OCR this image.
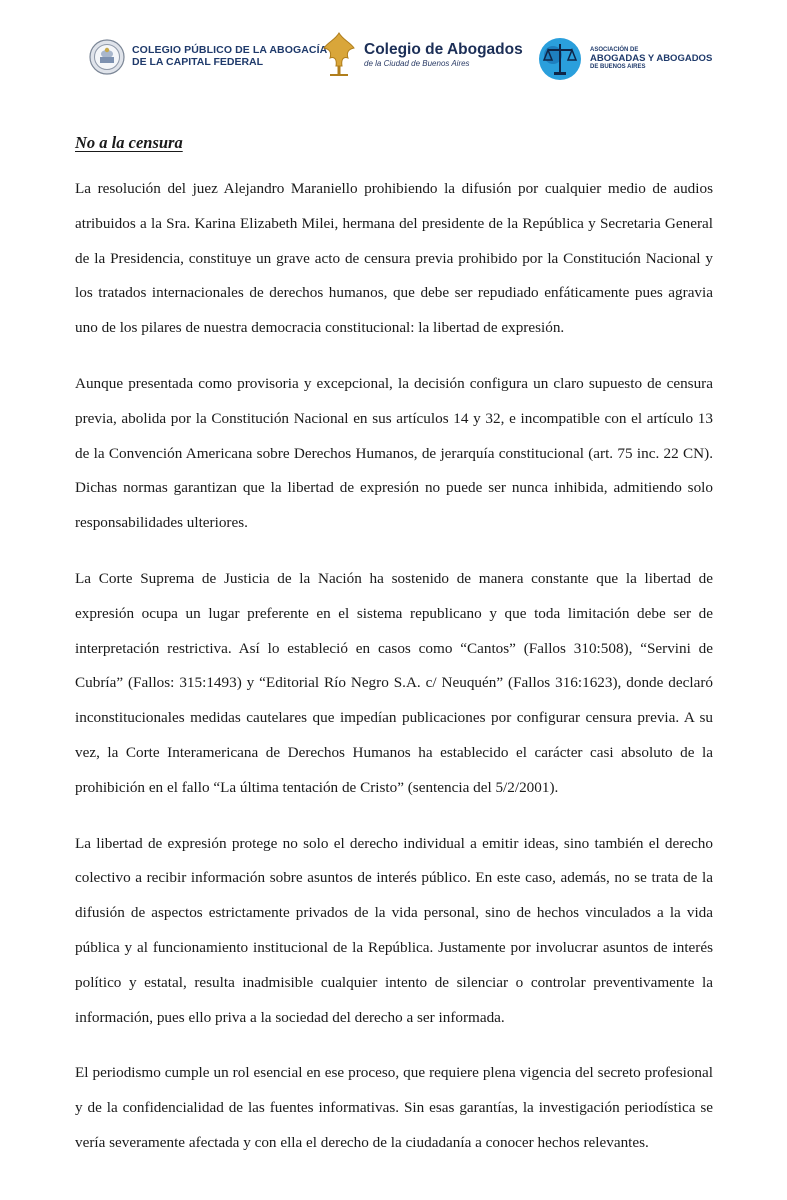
COLEGIO PÚBLICO DE LA ABOGACÍA
DE LA CAPITAL FEDERAL
Colegio de Abogados
de la Ciudad de Buenos Aires
ASOCIACIÓN DE
ABOGADAS Y ABOGADOS
DE BUENOS AIRES
No a la censura

La resolución del juez Alejandro Maraniello prohibiendo la difusión por cualquier medio de audios atribuidos a la Sra. Karina Elizabeth Milei, hermana del presidente de la República y Secretaria General de la Presidencia, constituye un grave acto de censura previa prohibido por la Constitución Nacional y los tratados internacionales de derechos humanos, que debe ser repudiado enfáticamente pues agravia uno de los pilares de nuestra democracia constitucional: la libertad de expresión.

Aunque presentada como provisoria y excepcional, la decisión configura un claro supuesto de censura previa, abolida por la Constitución Nacional en sus artículos 14 y 32, e incompatible con el artículo 13 de la Convención Americana sobre Derechos Humanos, de jerarquía constitucional (art. 75 inc. 22 CN). Dichas normas garantizan que la libertad de expresión no puede ser nunca inhibida, admitiendo solo responsabilidades ulteriores.

La Corte Suprema de Justicia de la Nación ha sostenido de manera constante que la libertad de expresión ocupa un lugar preferente en el sistema republicano y que toda limitación debe ser de interpretación restrictiva. Así lo estableció en casos como “Cantos” (Fallos 310:508), “Servini de Cubría” (Fallos: 315:1493) y “Editorial Río Negro S.A. c/ Neuquén” (Fallos 316:1623), donde declaró inconstitucionales medidas cautelares que impedían publicaciones por configurar censura previa. A su vez, la Corte Interamericana de Derechos Humanos ha establecido el carácter casi absoluto de la prohibición en el fallo “La última tentación de Cristo” (sentencia del 5/2/2001).

La libertad de expresión protege no solo el derecho individual a emitir ideas, sino también el derecho colectivo a recibir información sobre asuntos de interés público. En este caso, además, no se trata de la difusión de aspectos estrictamente privados de la vida personal, sino de hechos vinculados a la vida pública y al funcionamiento institucional de la República. Justamente por involucrar asuntos de interés político y estatal, resulta inadmisible cualquier intento de silenciar o controlar preventivamente la información, pues ello priva a la sociedad del derecho a ser informada.

El periodismo cumple un rol esencial en ese proceso, que requiere plena vigencia del secreto profesional y de la confidencialidad de las fuentes informativas. Sin esas garantías, la investigación periodística se vería severamente afectada y con ella el derecho de la ciudadanía a conocer hechos relevantes.
